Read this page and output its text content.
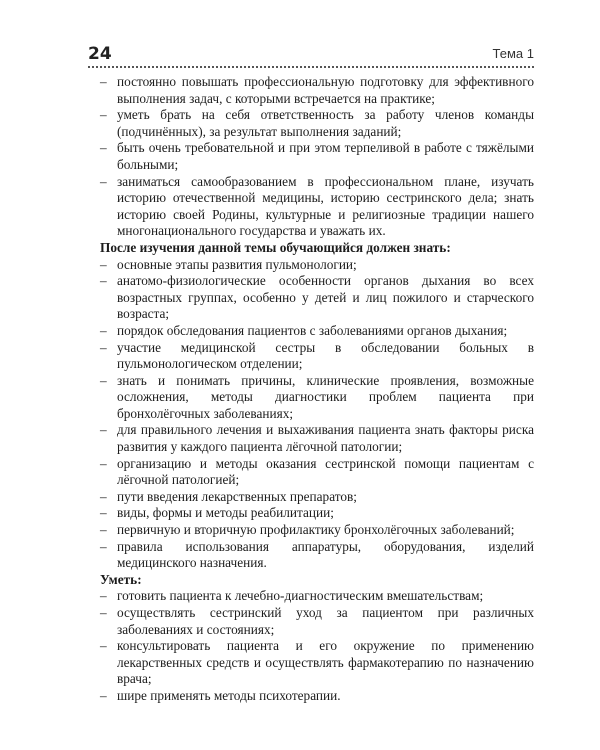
24	Тема 1

– постоянно повышать профессиональную подготовку для эффективного выполнения задач, с которыми встречается на практике;

– уметь брать на себя ответственность за работу членов команды (подчинённых), за результат выполнения заданий;

– быть очень требовательной и при этом терпеливой в работе с тяжёлыми больными;

– заниматься самообразованием в профессиональном плане, изучать историю отечественной медицины, историю сестринского дела; знать историю своей Родины, культурные и религиозные традиции нашего многонационального государства и уважать их.

После изучения данной темы обучающийся должен знать:

– основные этапы развития пульмонологии;

– анатомо-физиологические особенности органов дыхания во всех возрастных группах, особенно у детей и лиц пожилого и старческого возраста;

– порядок обследования пациентов с заболеваниями органов дыхания;

– участие медицинской сестры в обследовании больных в пульмонологическом отделении;

– знать и понимать причины, клинические проявления, возможные осложнения, методы диагностики проблем пациента при бронхолёгочных заболеваниях;

– для правильного лечения и выхаживания пациента знать факторы риска развития у каждого пациента лёгочной патологии;

– организацию и методы оказания сестринской помощи пациентам с лёгочной патологией;

– пути введения лекарственных препаратов;

– виды, формы и методы реабилитации;

– первичную и вторичную профилактику бронхолёгочных заболеваний;

– правила использования аппаратуры, оборудования, изделий медицинского назначения.

Уметь:

– готовить пациента к лечебно-диагностическим вмешательствам;

– осуществлять сестринский уход за пациентом при различных заболеваниях и состояниях;

– консультировать пациента и его окружение по применению лекарственных средств и осуществлять фармакотерапию по назначению врача;

– шире применять методы психотерапии.
